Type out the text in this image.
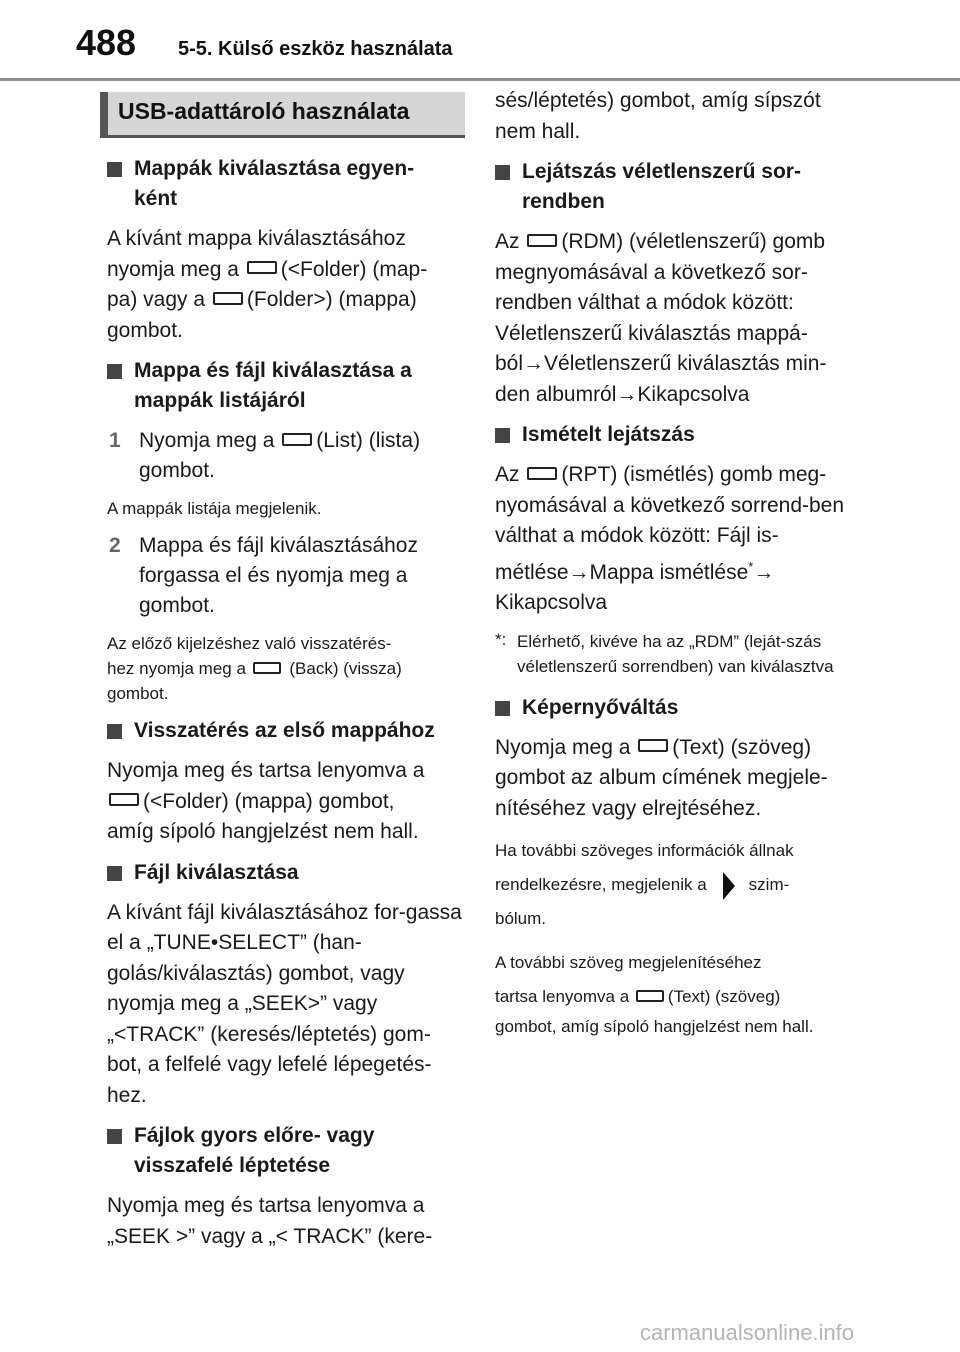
488 5-5. Külső eszköz használata
USB-adattároló használata
Mappák kiválasztása egyen-
ként

A kívánt mappa kiválasztásához
nyomja meg a (<Folder) (map-
pa) vagy a (Folder>) (mappa)
gombot.

Mappa és fájl kiválasztása a
mappák listájáról
1 Nyomja meg a (List) (lista)
gombot.

A mappák listája megjelenik.

2 Mappa és fájl kiválasztásához forgassa el és nyomja meg a gombot.

Az előző kijelzéshez való visszatérés-
hez nyomja meg a	(Back) (vissza)
gombot.

Visszatérés az első mappához

Nyomja meg és tartsa lenyomva a
(<Folder) (mappa) gombot,
amíg sípoló hangjelzést nem hall.

Fájl kiválasztása

A kívánt fájl kiválasztásához for-gassa el a „TUNE•SELECT” (han-golás/kiválasztás) gombot, vagy nyomja meg a „SEEK>” vagy „<TRACK” (keresés/léptetés) gom-bot, a felfelé vagy lefelé lépegetés-hez.

Fájlok gyors előre- vagy
visszafelé léptetése

Nyomja meg és tartsa lenyomva a „SEEK >” vagy a „< TRACK” (kere-

sés/léptetés) gombot, amíg sípszót nem hall.

Lejátszás véletlenszerű sor-
rendben

Az (RDM) (véletlenszerű) gomb megnyomásával a következő sor-rendben válthat a módok között: Véletlenszerű kiválasztás mappá-ból→Véletlenszerű kiválasztás min-den albumról→Kikapcsolva

Ismételt lejátszás

Az (RPT) (ismétlés) gomb meg-nyomásával a következő sorrend-ben válthat a módok között: Fájl is-métlése→Mappa ismétlése*→ Kikapcsolva

*: Elérhető, kivéve ha az „RDM” (leját-szás véletlenszerű sorrendben) van kiválasztva
Képernyőváltás

Nyomja meg a (Text) (szöveg) gombot az album címének megjele-nítéséhez vagy elrejtéséhez.

Ha további szöveges információk állnak
rendelkezésre, megjelenik a szim-
bólum.

A további szöveg megjelenítéséhez
tartsa lenyomva a (Text) (szöveg)

gombot, amíg sípoló hangjelzést nem hall.

carmanualsonline.info
